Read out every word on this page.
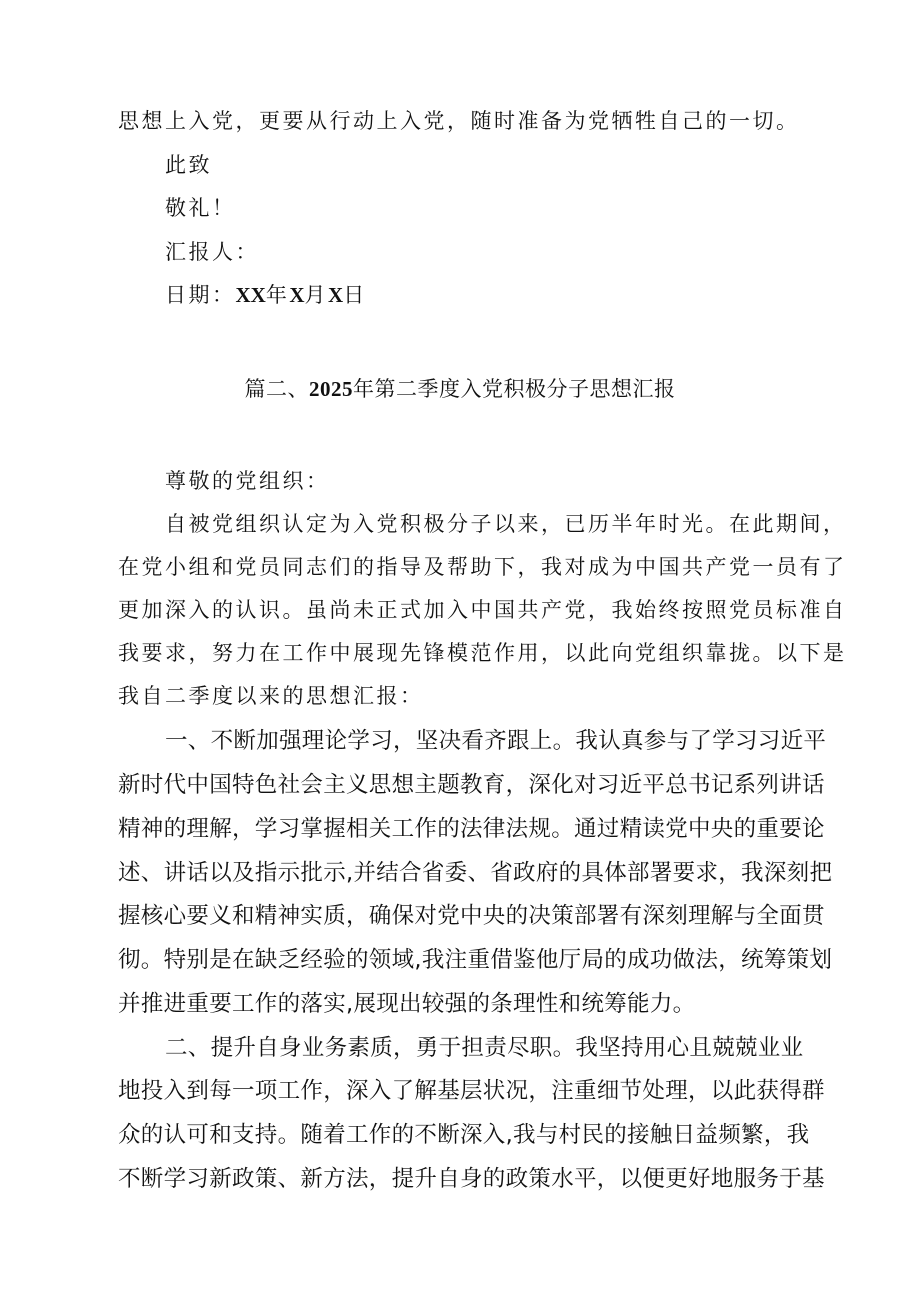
思想上入党，更要从行动上入党，随时准备为党牺牲自己的一切。
此致
敬礼！
汇报人：
日期：XX年X月X日
篇二、2025年第二季度入党积极分子思想汇报
尊敬的党组织：
自被党组织认定为入党积极分子以来，已历半年时光。在此期间，
在党小组和党员同志们的指导及帮助下，我对成为中国共产党一员有了
更加深入的认识。虽尚未正式加入中国共产党，我始终按照党员标准自
我要求，努力在工作中展现先锋模范作用，以此向党组织靠拢。以下是
我自二季度以来的思想汇报：
一、不断加强理论学习，坚决看齐跟上。我认真参与了学习习近平
新时代中国特色社会主义思想主题教育，深化对习近平总书记系列讲话
精神的理解，学习掌握相关工作的法律法规。通过精读党中央的重要论
述、讲话以及指示批示,并结合省委、省政府的具体部署要求，我深刻把
握核心要义和精神实质，确保对党中央的决策部署有深刻理解与全面贯
彻。特别是在缺乏经验的领域,我注重借鉴他厅局的成功做法，统筹策划
并推进重要工作的落实,展现出较强的条理性和统筹能力。
二、提升自身业务素质，勇于担责尽职。我坚持用心且兢兢业业
地投入到每一项工作，深入了解基层状况，注重细节处理，以此获得群
众的认可和支持。随着工作的不断深入,我与村民的接触日益频繁，我
不断学习新政策、新方法，提升自身的政策水平，以便更好地服务于基
